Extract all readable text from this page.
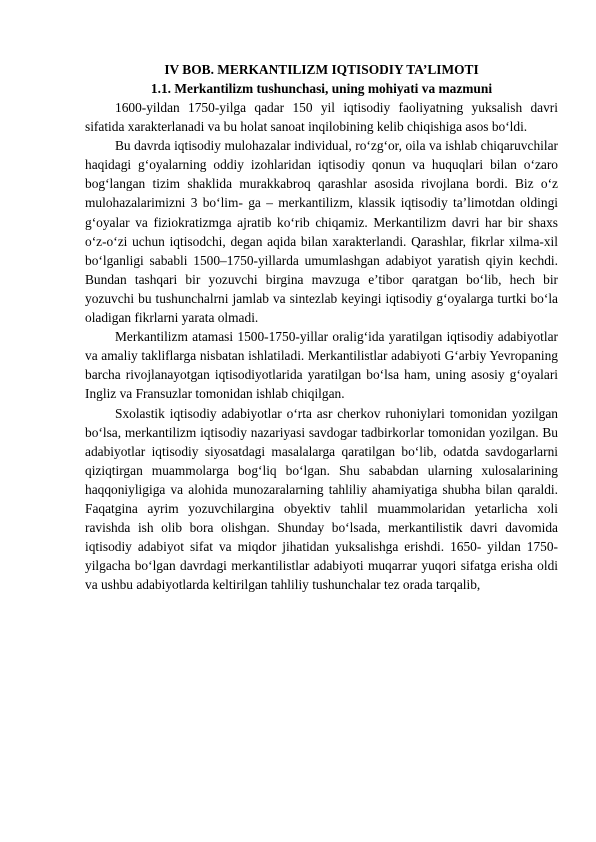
IV BOB. MERKANTILIZM IQTISODIY TA’LIMOTI

1.1. Merkantilizm tushunchasi, uning mohiyati va mazmuni

1600-yildan 1750-yilga qadar 150 yil iqtisodiy faoliyatning yuksalish davri sifatida xarakterlanadi va bu holat sanoat inqilobining kelib chiqishiga asos bo‘ldi.

Bu davrda iqtisodiy mulohazalar individual, ro‘zg‘or, oila va ishlab chiqaruvchilar haqidagi g‘oyalarning oddiy izohlaridan iqtisodiy qonun va huquqlari bilan o‘zaro bog‘langan tizim shaklida murakkabroq qarashlar asosida rivojlana bordi. Biz o‘z mulohazalarimizni 3 bo‘lim- ga – merkantilizm, klassik iqtisodiy ta’limotdan oldingi g‘oyalar va fiziokratizmga ajratib ko‘rib chiqamiz. Merkantilizm davri har bir shaxs o‘z-o‘zi uchun iqtisodchi, degan aqida bilan xarakterlandi. Qarashlar, fikrlar xilma-xil bo‘lganligi sababli 1500–1750-yillarda umumlashgan adabiyot yaratish qiyin kechdi. Bundan tashqari bir yozuvchi birgina mavzuga e’tibor qaratgan bo‘lib, hech bir yozuvchi bu tushunchalrni jamlab va sintezlab keyingi iqtisodiy g‘oyalarga turtki bo‘la oladigan fikrlarni yarata olmadi.

Merkantilizm atamasi 1500-1750-yillar oralig‘ida yaratilgan iqtisodiy adabiyotlar va amaliy takliflarga nisbatan ishlatiladi. Merkantilistlar adabiyoti G‘arbiy Yevropaning barcha rivojlanayotgan iqtisodiyotlarida yaratilgan bo‘lsa ham, uning asosiy g‘oyalari Ingliz va Fransuzlar tomonidan ishlab chiqilgan.

Sxolastik iqtisodiy adabiyotlar o‘rta asr cherkov ruhoniylari tomonidan yozilgan bo‘lsa, merkantilizm iqtisodiy nazariyasi savdogar tadbirkorlar tomonidan yozilgan. Bu adabiyotlar iqtisodiy siyosatdagi masalalarga qaratilgan bo‘lib, odatda savdogarlarni qiziqtirgan muammolarga bog‘liq bo‘lgan. Shu sababdan ularning xulosalarining haqqoniyligiga va alohida munozaralarning tahliliy ahamiyatiga shubha bilan qaraldi. Faqatgina ayrim yozuvchilargina obyektiv tahlil muammolaridan yetarlicha xoli ravishda ish olib bora olishgan. Shunday bo‘lsada, merkantilistik davri davomida iqtisodiy adabiyot sifat va miqdor jihatidan yuksalishga erishdi. 1650- yildan 1750- yilgacha bo‘lgan davrdagi merkantilistlar adabiyoti muqarrar yuqori sifatga erisha oldi va ushbu adabiyotlarda keltirilgan tahliliy tushunchalar tez orada tarqalib,
